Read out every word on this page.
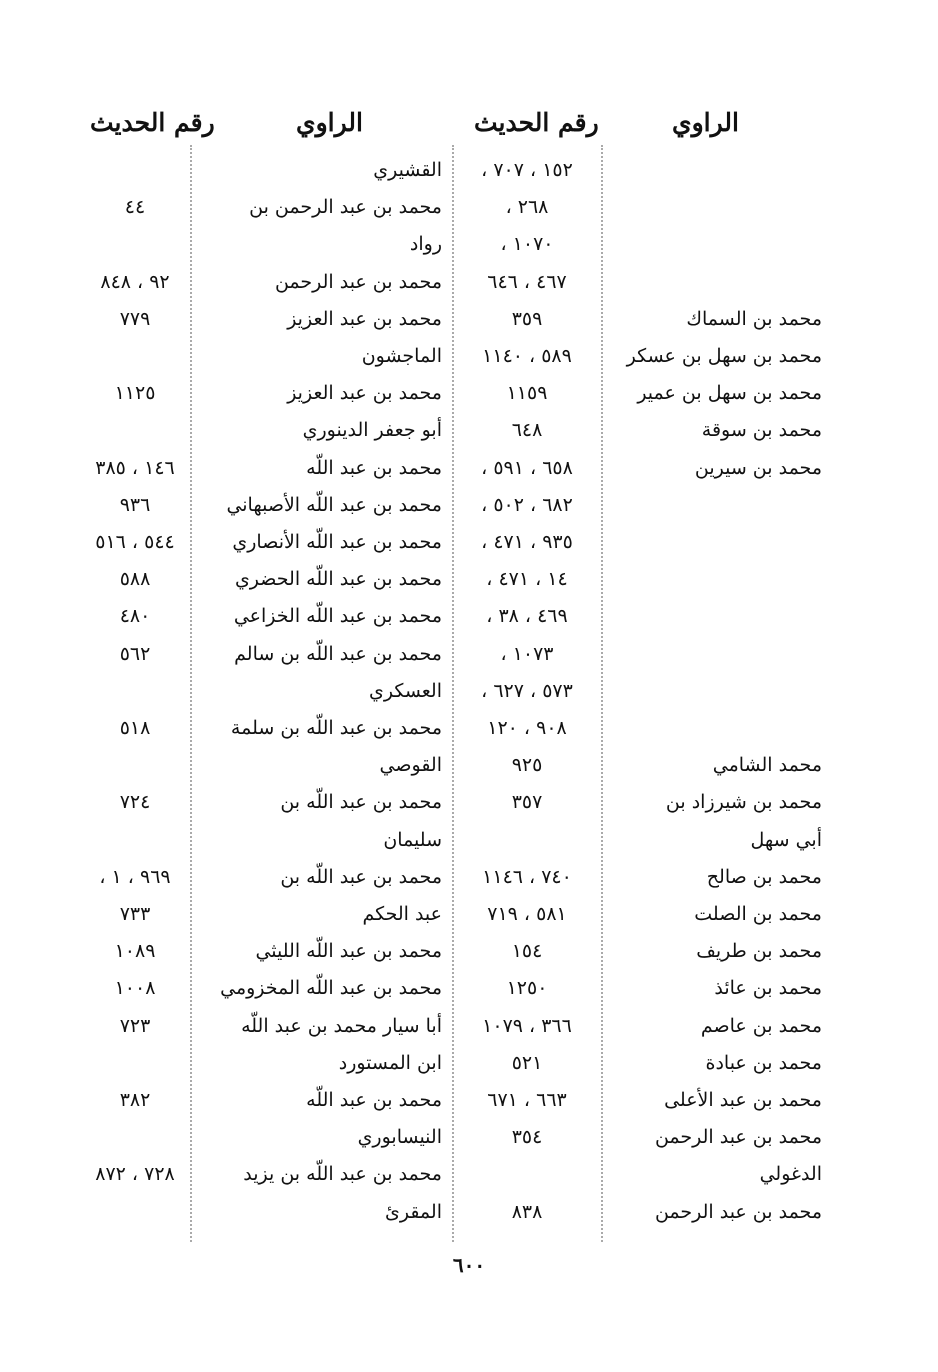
الراوي
رقم الحديث
الراوي
رقم الحديث
١٥٢ ، ٧٠٧ ،
٢٦٨ ،
١٠٧٠ ،
٤٦٧ ، ٦٤٦
محمد بن السماك
٣٥٩
محمد بن سهل بن عسكر
٥٨٩ ، ١١٤٠
محمد بن سهل بن عمير
١١٥٩
محمد بن سوقة
٦٤٨
محمد بن سيرين
٦٥٨ ، ٥٩١ ،
٦٨٢ ، ٥٠٢ ،
٩٣٥ ، ٤٧١ ،
١٤ ، ٤٧١ ،
٤٦٩ ، ٣٨ ،
١٠٧٣ ،
٥٧٣ ، ٦٢٧ ،
٩٠٨ ، ١٢٠
محمد الشامي
٩٢٥
محمد بن شيرزاد بن
٣٥٧
أبي سهل
محمد بن صالح
٧٤٠ ، ١١٤٦
محمد بن الصلت
٥٨١ ، ٧١٩
محمد بن طريف
١٥٤
محمد بن عائذ
١٢٥٠
محمد بن عاصم
٣٦٦ ، ١٠٧٩
محمد بن عبادة
٥٢١
محمد بن عبد الأعلى
٦٦٣ ، ٦٧١
محمد بن عبد الرحمن
٣٥٤
الدغولي
محمد بن عبد الرحمن
٨٣٨
القشيري
محمد بن عبد الرحمن بن
٤٤
رواد
محمد بن عبد الرحمن
٩٢ ، ٨٤٨
محمد بن عبد العزيز
٧٧٩
الماجشون
محمد بن عبد العزيز
١١٢٥
أبو جعفر الدينوري
محمد بن عبد اللّه
١٤٦ ، ٣٨٥
محمد بن عبد اللّه الأصبهاني
٩٣٦
محمد بن عبد اللّه الأنصاري
٥٤٤ ، ٥١٦
محمد بن عبد اللّه الحضري
٥٨٨
محمد بن عبد اللّه الخزاعي
٤٨٠
محمد بن عبد اللّه بن سالم
٥٦٢
العسكري
محمد بن عبد اللّه بن سلمة
٥١٨
القوصي
محمد بن عبد اللّه بن
٧٢٤
سليمان
محمد بن عبد اللّه بن
٩٦٩ ، ١ ،
عبد الحكم
٧٣٣
محمد بن عبد اللّه الليثي
١٠٨٩
محمد بن عبد اللّه المخزومي
١٠٠٨
أبا سيار محمد بن عبد اللّه
٧٢٣
ابن المستورد
محمد بن عبد اللّه
٣٨٢
النيسابوري
محمد بن عبد اللّه بن يزيد
٧٢٨ ، ٨٧٢
المقرئ
٦٠٠
